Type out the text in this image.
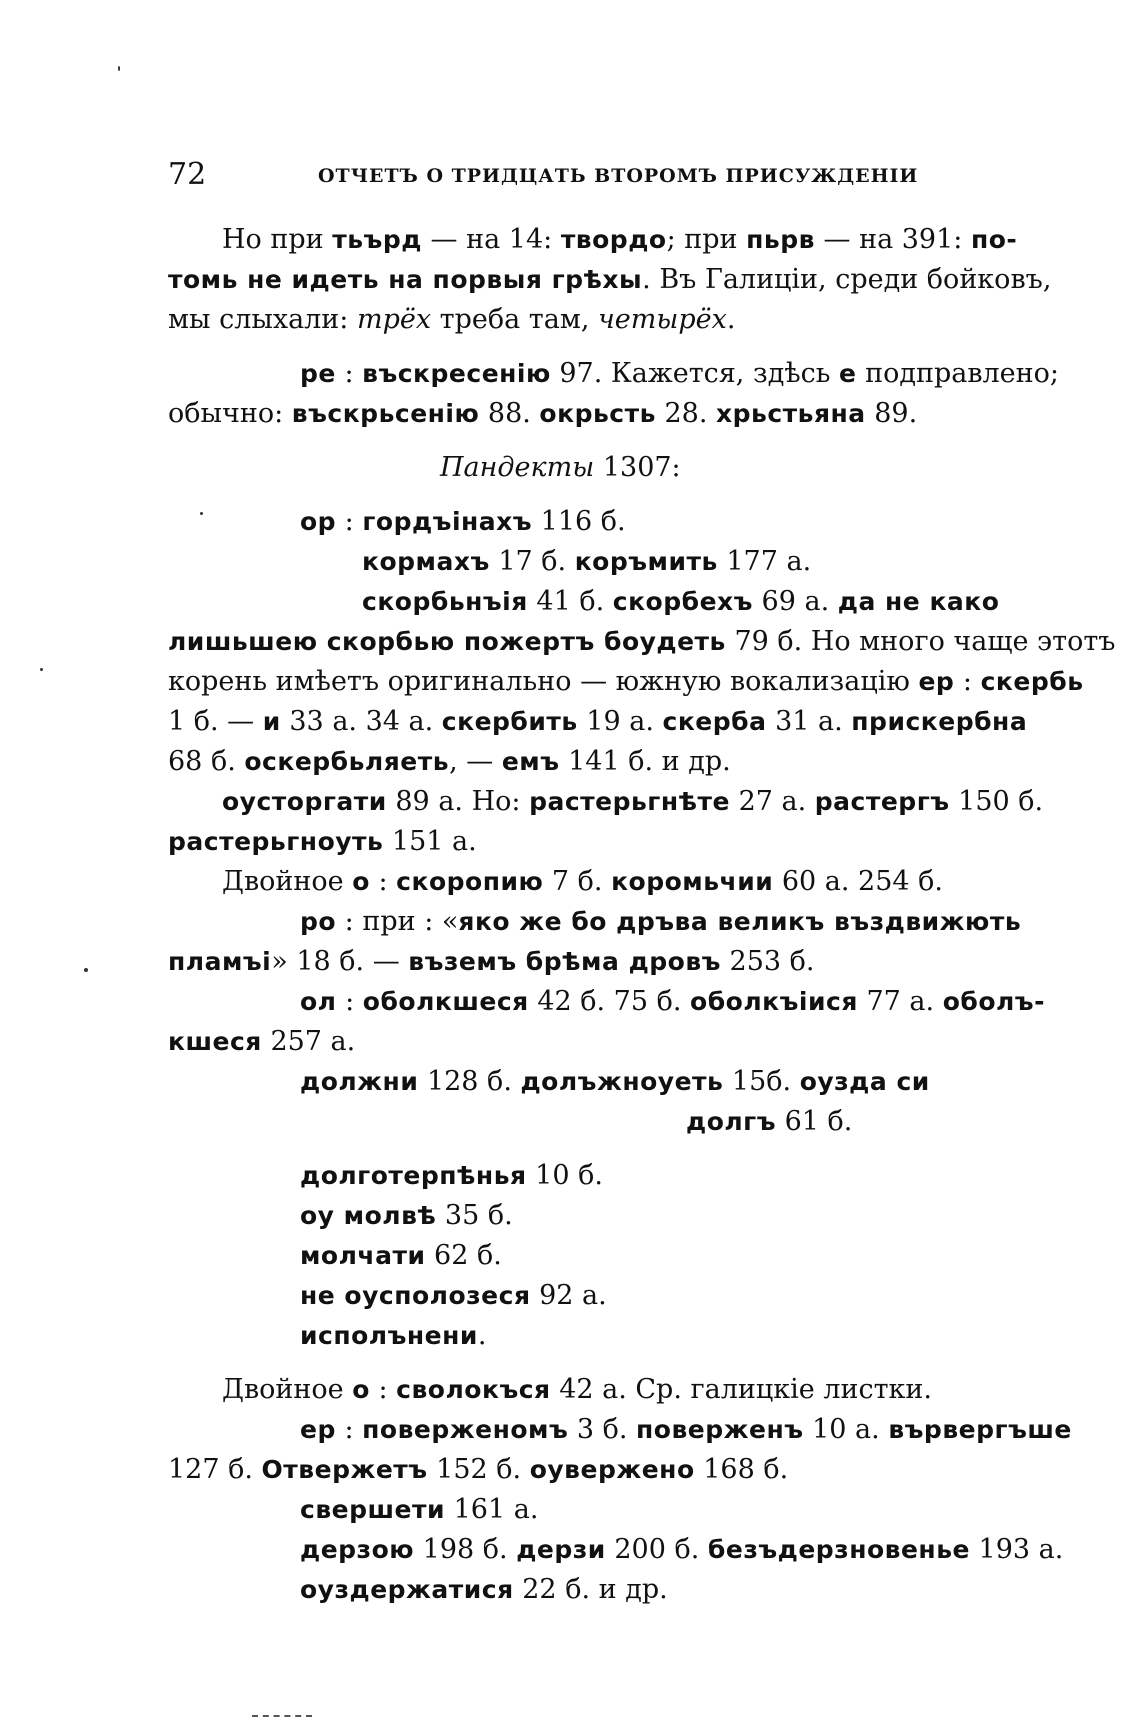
72	ОТЧЕТЪ О ТРИДЦАТЬ ВТОРОМЪ ПРИСУЖДЕНІИ
Но при тьърд — на 14: твордо; при пьрв — на 391: по-
томь не идеть на порвыя грѣхы. Въ Галиціи, среди бойковъ,
мы слыхали: трёх треба там, четырёх.
ре : въскресенію 97. Кажется, здѣсь е подправлено;
обычно: въскрьсенію 88. окрьсть 28. хрьстьяна 89.
Пандекты 1307:
ор : гордъінахъ 116 б.
кормахъ 17 б. коръмить 177 а.
скорбьнъія 41 б. скорбехъ 69 а. да не како
лишьшею скорбью пожертъ боудеть 79 б. Но много чаще этотъ
корень имѣетъ оригинально — южную вокализацію ер : скербь
1 б. — и 33 а. 34 а. скербить 19 а. скерба 31 а. прискербна
68 б. оскербьляеть, — емъ 141 б. и др.
оусторгати 89 а. Но: растерьгнѣте 27 а. растергъ 150 б.
растерьгноуть 151 а.
Двойное о : скоропию 7 б. коромьчии 60 а. 254 б.
ро : при : «яко же бо дръва великъ въздвижють
пламъі» 18 б. — въземъ брѣма дровъ 253 б.
ол : оболкшеся 42 б. 75 б. оболкъіися 77 а. оболъ-
кшеся 257 а.
должни 128 б. долъжноуеть 15б. оузда си
долгъ 61 б.
долготерпѣнья 10 б.
оу молвѣ 35 б.
молчати 62 б.
не оусполозеся 92 а.
исполънени.
Двойное о : сволокъся 42 а. Ср. галицкіе листки.
ер : поверженомъ 3 б. поверженъ 10 а. вървергъше
127 б. Отвержетъ 152 б. оувержено 168 б.
свершети 161 а.
дерзою 198 б. дерзи 200 б. безъдерзновенье 193 а.
оуздержатися 22 б. и др.
